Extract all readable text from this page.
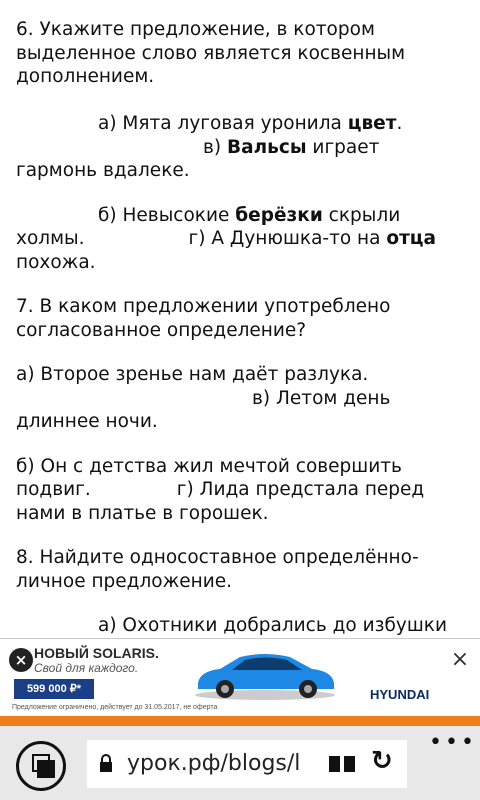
6. Укажите предложение, в котором выделенное слово является косвенным дополнением.

а) Мята луговая уронила цвет.в) Вальсы играет гармонь вдалеке.

б) Невысокие берёзки скрыли холмы.	г) А Дунюшка-то на отца похожа.

7. В каком предложении употреблено согласованное определение?

а) Второе зренье нам даёт разлука.в) Летом день длиннее ночи.

б) Он с детства жил мечтой совершить подвиг.	г) Лида предстала перед нами в платье в горошек.

8. Найдите односоставное определённо-личное предложение.

а) Охотники добрались до избушки

× НОВЫЙ SOLARIS.
Свой для каждого.
599 000 ₽*	HYUNDAI
Предложение ограничено, действует до 31.05.2017, не оферта
×
урок.рф/blogs/l	↻
•••
